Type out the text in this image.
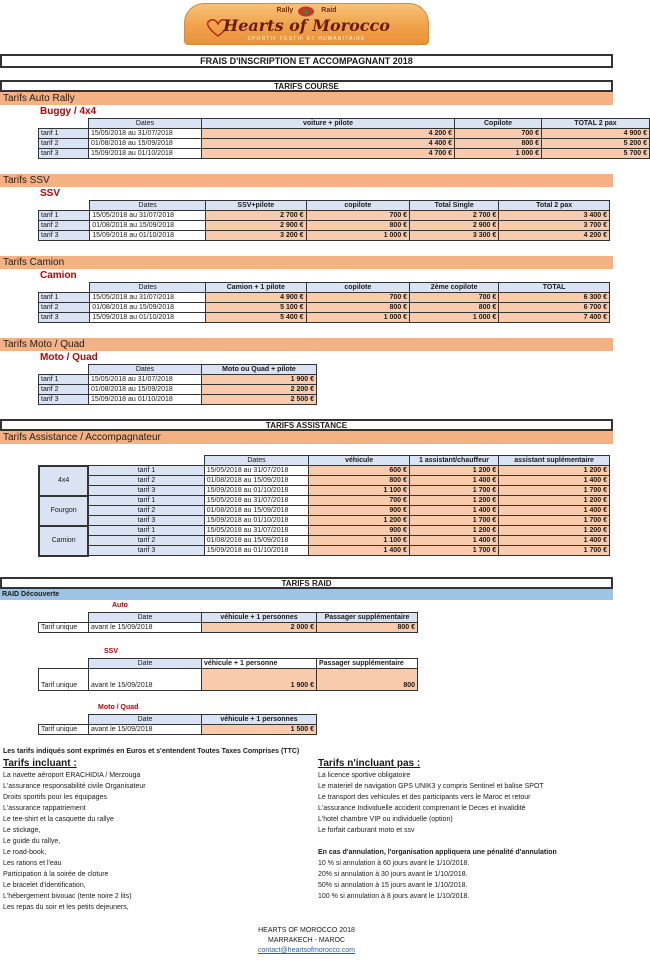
Rally	Raid
Hearts of Morocco
SPORTIF FESTIF ET HUMANITAIRE
FRAIS D'INSCRIPTION ET ACCOMPAGNANT 2018
TARIFS COURSE
Tarifs Auto Rally
Buggy / 4x4
	Dates	voiture + pilote	Copilote	TOTAL 2 pax
tarif 1	15/05/2018 au 31/07/2018	4 200 €	700 €	4 900 €
tarif 2	01/08/2018 au 15/09/2018	4 400 €	800 €	5 200 €
tarif 3	15/09/2018 au 01/10/2018	4 700 €	1 000 €	5 700 €
Tarifs SSV
SSV
	Dates	SSV+pilote	copilote	Total Single	Total 2 pax
tarif 1	15/05/2018 au 31/07/2018	2 700 €	700 €	2 700 €	3 400 €
tarif 2	01/08/2018 au 15/09/2018	2 900 €	800 €	2 900 €	3 700 €
tarif 3	15/09/2018 au 01/10/2018	3 200 €	1 000 €	3 300 €	4 200 €
Tarifs Camion
Camion
	Dates	Camion + 1 pilote	copilote	2ème copilote	TOTAL
tarif 1	15/05/2018 au 31/07/2018	4 900 €	700 €	700 €	6 300 €
tarif 2	01/08/2018 au 15/09/2018	5 100 €	800 €	800 €	6 700 €
tarif 3	15/09/2018 au 01/10/2018	5 400 €	1 000 €	1 000 €	7 400 €
Tarifs Moto / Quad
Moto / Quad
	Dates	Moto ou Quad + pilote
tarif 1	15/05/2018 au 31/07/2018	1 900 €
tarif 2	01/08/2018 au 15/09/2018	2 200 €
tarif 3	15/09/2018 au 01/10/2018	2 500 €
TARIFS ASSISTANCE
Tarifs Assistance / Accompagnateur
		Dates	véhicule	1 assistant/chauffeur	assistant suplémentaire
4x4	tarif 1	15/05/2018 au 31/07/2018	600 €	1 200 €	1 200 €
	tarif 2	01/08/2018 au 15/09/2018	800 €	1 400 €	1 400 €
	tarif 3	15/09/2018 au 01/10/2018	1 100 €	1 700 €	1 700 €
Fourgon	tarif 1	15/05/2018 au 31/07/2018	700 €	1 200 €	1 200 €
	tarif 2	01/08/2018 au 15/09/2018	900 €	1 400 €	1 400 €
	tarif 3	15/09/2018 au 01/10/2018	1 200 €	1 700 €	1 700 €
Camion	tarif 1	15/05/2018 au 31/07/2018	900 €	1 200 €	1 200 €
	tarif 2	01/08/2018 au 15/09/2018	1 100 €	1 400 €	1 400 €
	tarif 3	15/09/2018 au 01/10/2018	1 400 €	1 700 €	1 700 €
TARIFS RAID
RAID Découverte
Auto
	Date	véhicule + 1 personnes	Passager supplémentaire
Tarif unique	avant le 15/09/2018	2 000 €	800 €
SSV
	Date	véhicule + 1 personne	Passager supplémentaire
Tarif unique	avant le 15/09/2018	1 900 €	800
Moto / Quad
	Date	véhicule + 1 personnes
Tarif unique	avant le 15/09/2018	1 500 €
Les tarifs indiqués sont exprimés en Euros et s'entendent Toutes Taxes Comprises (TTC)
Tarifs incluant :
La navette aéroport ERACHIDIA / Merzouga
L'assurance responsabilité civile Organisateur
Droits sportifs pour les équipages
L'assurance rappatriement
Le tee-shirt et la casquette du rallye
Le stickage,
Le guide du rallye,
Le road-book,
Les rations et l'eau
Participation à la soirée de cloture
Le bracelet d'identification,
L'hébergement bivouac (tente noire 2 lits)
Les repas du soir et les petits dejeuners,
Tarifs n'incluant pas :
La licence sportive obligatoire
Le materiel de navigation GPS UNIK3 y compris Sentinel et balise SPOT
Le transport des vehicules et des participants vers le Maroc et retour
L'assurance Individuelle accident comprenant le Deces et invalidité
L'hotel chambre VIP ou individuelle (option)
Le forfait carburant moto et ssv
En cas d'annulation, l'organisation appliquera une pénalité d'annulation
10 % si annulation à 60 jours avant le 1/10/2018.
20% si annulation à 30 jours avant le 1/10/2018.
50% si annulation à 15 jours avant le 1/10/2018.
100 % si annulation à 8 jours avant le 1/10/2018.
HEARTS OF MOROCCO 2018
MARRAKECH - MAROC
contact@heartsofmorocco.com
